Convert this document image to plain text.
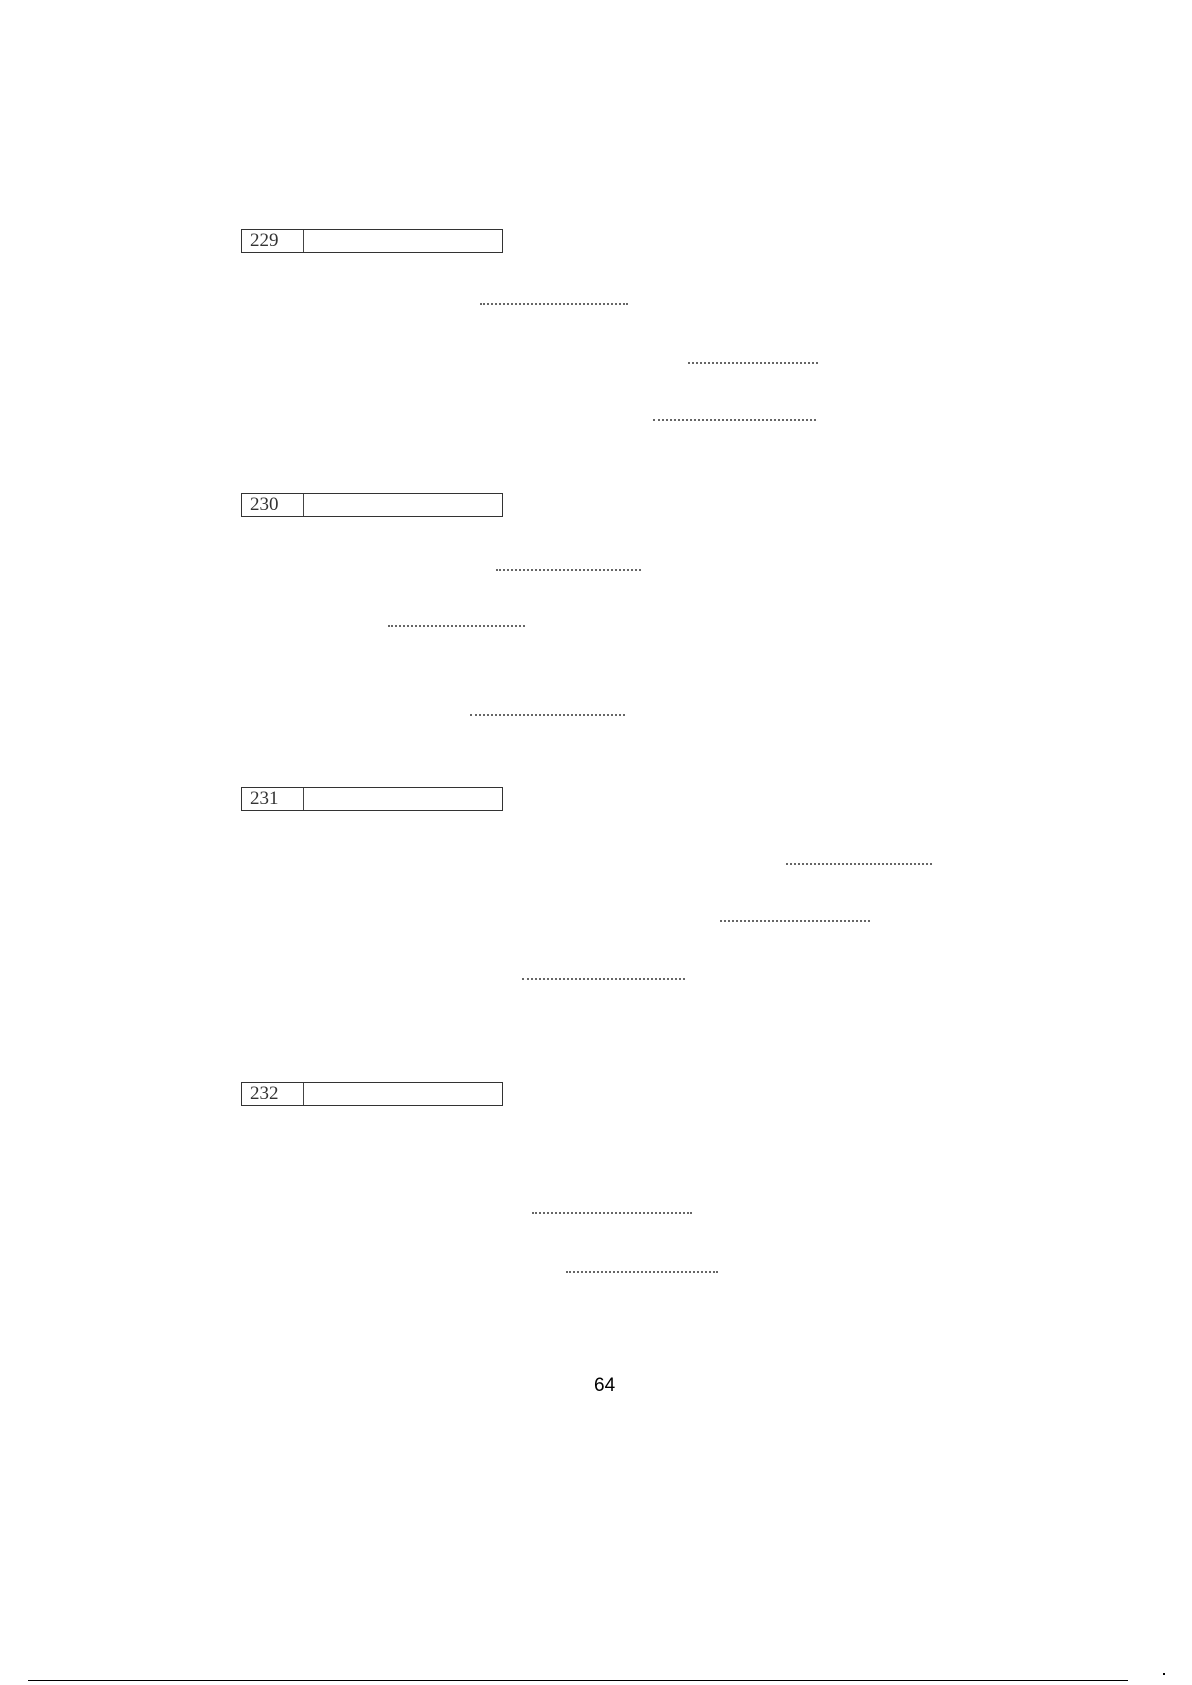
229
230
231
232
64
